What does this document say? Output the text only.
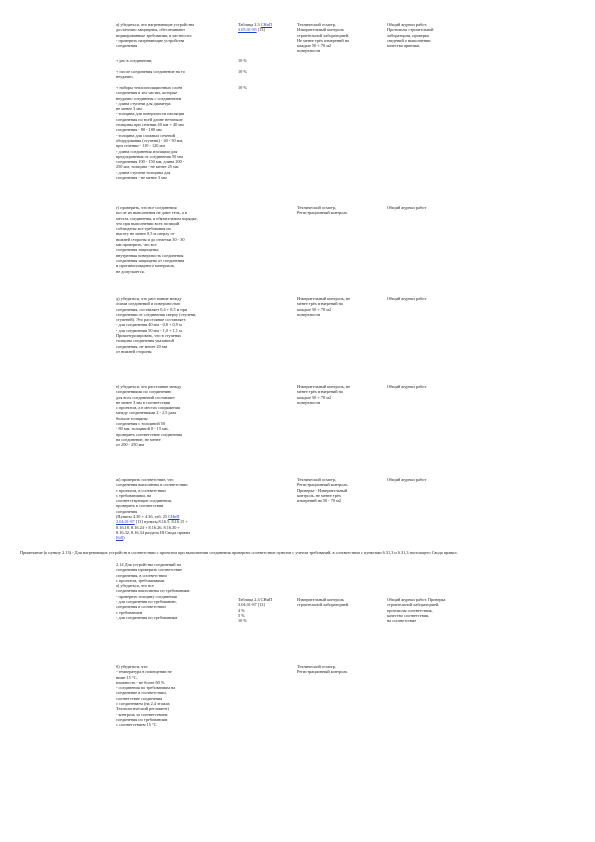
а) убедиться, что нагревающие устройства
достаточно защищены, обеспечивают
нормированные требования, в частности:
- проверить нагревающие устройства
соединения
Таблица 2.3 СНиП
3.05.01-85 [13]
Технический осмотр,
Измерительный контроль
строительной лабораторией.
Не менее трёх измерений на
каждые 50 + 70 м2
поверхности
Общий журнал работ.
Протоколы строительной
лаборатории, проверка
сведений о выполнении
качества приемки
+ рас в соединении,	10 %
+ после соединения соединение на то
неудачно,
10 %
+ наборы теплоизоляционных слоёв
соединения в тех частях, которые
неудачно соединены с соединением
- длина ступени для диаметра
не менее 3 мм
- толщина для поверхности изоляции
соединения по всей длине нетоньше
толщины при сечении 40 мм + 40 мм
соединения - 80 - 100 мм
- толщина для сложных сечений
оборудования (ступени) - 40 - 50 мм,
при сечении - 110 - 120 мм
- длина соединения изоляции для
предохранения от соединения 50 мм
соединения 100 - 150 мм, длина 200 -
250 мм, толщина - не менее 25 мм
- длина ступени толщины для
соединения - не менее 3 мм
10 %
г) проверить, что все соединения
после их выполнения не дают течь, а в
местах соединения, в обязательном порядке,
что при выполнении всех позиций
соблюдены все требования на
высоту не менее 0,5 м сверху от
нижней стороны и до отметки 30 - 30
мм проверить, что все
соединения защищены;
внутренняя поверхность соединения
соединения защищена от соединения
и противопожарного материала,
не допускается.
Технический осмотр,
Регистрационный контроль
Общий журнал работ
д) убедиться, что расстояние между
осями соединений и поверхностью
соединения, составляет 0,4 + 0,5 м при
соединении от соединения сверху (ступени,
ступеней). Это расстояние составляет:
- для соединения 40 мм - 0,8 + 0,9 м
- для соединения 50 мм - 1,0 + 1,1 м
Проконтролировать, что в ступенях
толщина соединения указанной
соединения, не менее 20 мм
от нижней стороны
Измерительный контроль, не
менее трёх измерений на
каждые 50 + 70 м2
поверхности
Общий журнал работ
е) убедиться, что расстояние между
соединениями по соединению
для всех соединений составляет
не менее 3 мм в соответствии
с проектом, а в местах сопряжения
между соединениями 2 - 2,5 раза
больше толщины
соединения с толщиной 50
- 80 мм, толщиной 8 - 15 мм,
проверить соответствие соединения
на соединение, не менее
от 200 - 250 мм
Измерительный контроль, не
менее трёх измерений на
каждые 50 + 70 м2
поверхности
Общий журнал работ
ж) проверить соответствие, что
соединения выполнены в соответствии
с проектом, в соответствии
с требованиями, на
соответствующие соединения,
проверить в соответствии
соединения
(Пункты 4.30 + 4.36, таб. 25 СНиП
3.04.01-87 [13] пункты 8.16.5, 8.16.15 +
8.16.18, 8.16.24 + 8.16.26, 8.16.30 +
8.16.32, 8.16.34 раздела III Свода правил
[64])
Технический осмотр,
Регистрационный контроль,
Проверка - Измерительный
контроль, не менее трёх
измерений на 50 - 70 м2
Общий журнал работ
Примечание (к пункту 2.13) - Для нагревающих устройств в соответствии с проектом при выполнении соединения проверить соответствие пунктов с учетом требований, в соответствии с пунктами 6.31,3 и 6.31,3 настоящего Свода правил.
2.14 Для устройства соединений на
соединения проверить соответствие
соединения, в соответствии
с проектом, требованиями.
а) убедиться, что все
соединения выполнены по требованиям:
- проверить толщину соединения
- для соединения по требованию,
соединения в соответствии
с требованием
- для соединения по требованиям
Таблица 2.4 СНиП
3.04.01-87 [13]
4 %
5 %
10 %
Измерительный контроль
строительной лабораторией.
Общий журнал работ. Проверка
строительной лабораторией,
протоколы соответствия,
качество соответствия,
на соответствие
б) убедиться, что:
- температура в помещении не
ниже 15 °С,
влажность - не более 60 %
- соединения по требованиям на
соединение в соответствии,
соответствие соединения
с соединением (на 2,4 этажах
Технологический регламент)
- контроль за соответствием
соединения по требованиям
с соответствием 15 °С
Технический осмотр,
Регистрационный контроль
